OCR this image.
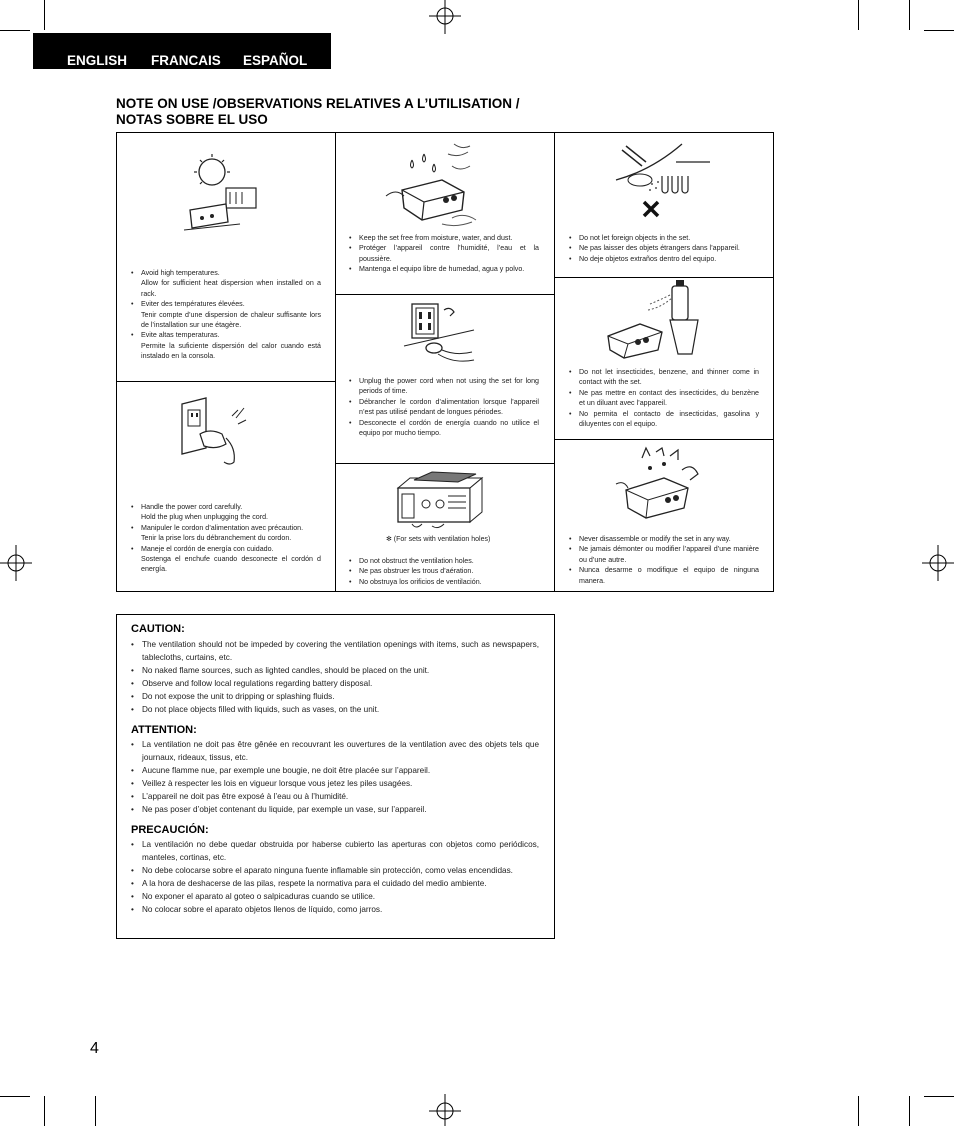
ENGLISH FRANCAIS ESPAÑOL
NOTE ON USE /OBSERVATIONS RELATIVES A L’UTILISATION /
NOTAS SOBRE EL USO
• Avoid high temperatures.
Allow for sufficient heat dispersion when installed on a rack.
• Eviter des températures élevées.
Tenir compte d’une dispersion de chaleur suffisante lors de l’installation sur une étagère.
• Evite altas temperaturas.
Permite la suficiente dispersión del calor cuando está instalado en la consola.
• Keep the set free from moisture, water, and dust.
• Protéger l’appareil contre l’humidité, l’eau et la poussière.
• Mantenga el equipo libre de humedad, agua y polvo.
• Do not let foreign objects in the set.
• Ne pas laisser des objets étrangers dans l’appareil.
• No deje objetos extraños dentro del equipo.
• Unplug the power cord when not using the set for long periods of time.
• Débrancher le cordon d’alimentation lorsque l’appareil n’est pas utilisé pendant de longues périodes.
• Desconecte el cordón de energía cuando no utilice el equipo por mucho tiempo.
• Do not let insecticides, benzene, and thinner come in contact with the set.
• Ne pas mettre en contact des insecticides, du benzène et un diluant avec l’appareil.
• No permita el contacto de insecticidas, gasolina y diluyentes con el equipo.
• Handle the power cord carefully.
Hold the plug when unplugging the cord.
• Manipuler le cordon d’alimentation avec précaution.
Tenir la prise lors du débranchement du cordon.
• Maneje el cordón de energía con cuidado.
Sostenga el enchufe cuando desconecte el cordón d energía.
✻ (For sets with ventilation holes)
• Do not obstruct the ventilation holes.
• Ne pas obstruer les trous d’aération.
• No obstruya los orificios de ventilación.
• Never disassemble or modify the set in any way.
• Ne jamais démonter ou modifier l’appareil d’une manière ou d’une autre.
• Nunca desarme o modifique el equipo de ninguna manera.
CAUTION:
• The ventilation should not be impeded by covering the ventilation openings with items, such as newspapers, tablecloths, curtains, etc.
• No naked flame sources, such as lighted candles, should be placed on the unit.
• Observe and follow local regulations regarding battery disposal.
• Do not expose the unit to dripping or splashing fluids.
• Do not place objects filled with liquids, such as vases, on the unit.
ATTENTION:
• La ventilation ne doit pas être gênée en recouvrant les ouvertures de la ventilation avec des objets tels que journaux, rideaux, tissus, etc.
• Aucune flamme nue, par exemple une bougie, ne doit être placée sur l’appareil.
• Veillez à respecter les lois en vigueur lorsque vous jetez les piles usagées.
• L’appareil ne doit pas être exposé à l’eau ou à l’humidité.
• Ne pas poser d’objet contenant du liquide, par exemple un vase, sur l’appareil.
PRECAUCIÓN:
• La ventilación no debe quedar obstruida por haberse cubierto las aperturas con objetos como periódicos, manteles, cortinas, etc.
• No debe colocarse sobre el aparato ninguna fuente inflamable sin protección, como velas encendidas.
• A la hora de deshacerse de las pilas, respete la normativa para el cuidado del medio ambiente.
• No exponer el aparato al goteo o salpicaduras cuando se utilice.
• No colocar sobre el aparato objetos llenos de líquido, como jarros.
4
